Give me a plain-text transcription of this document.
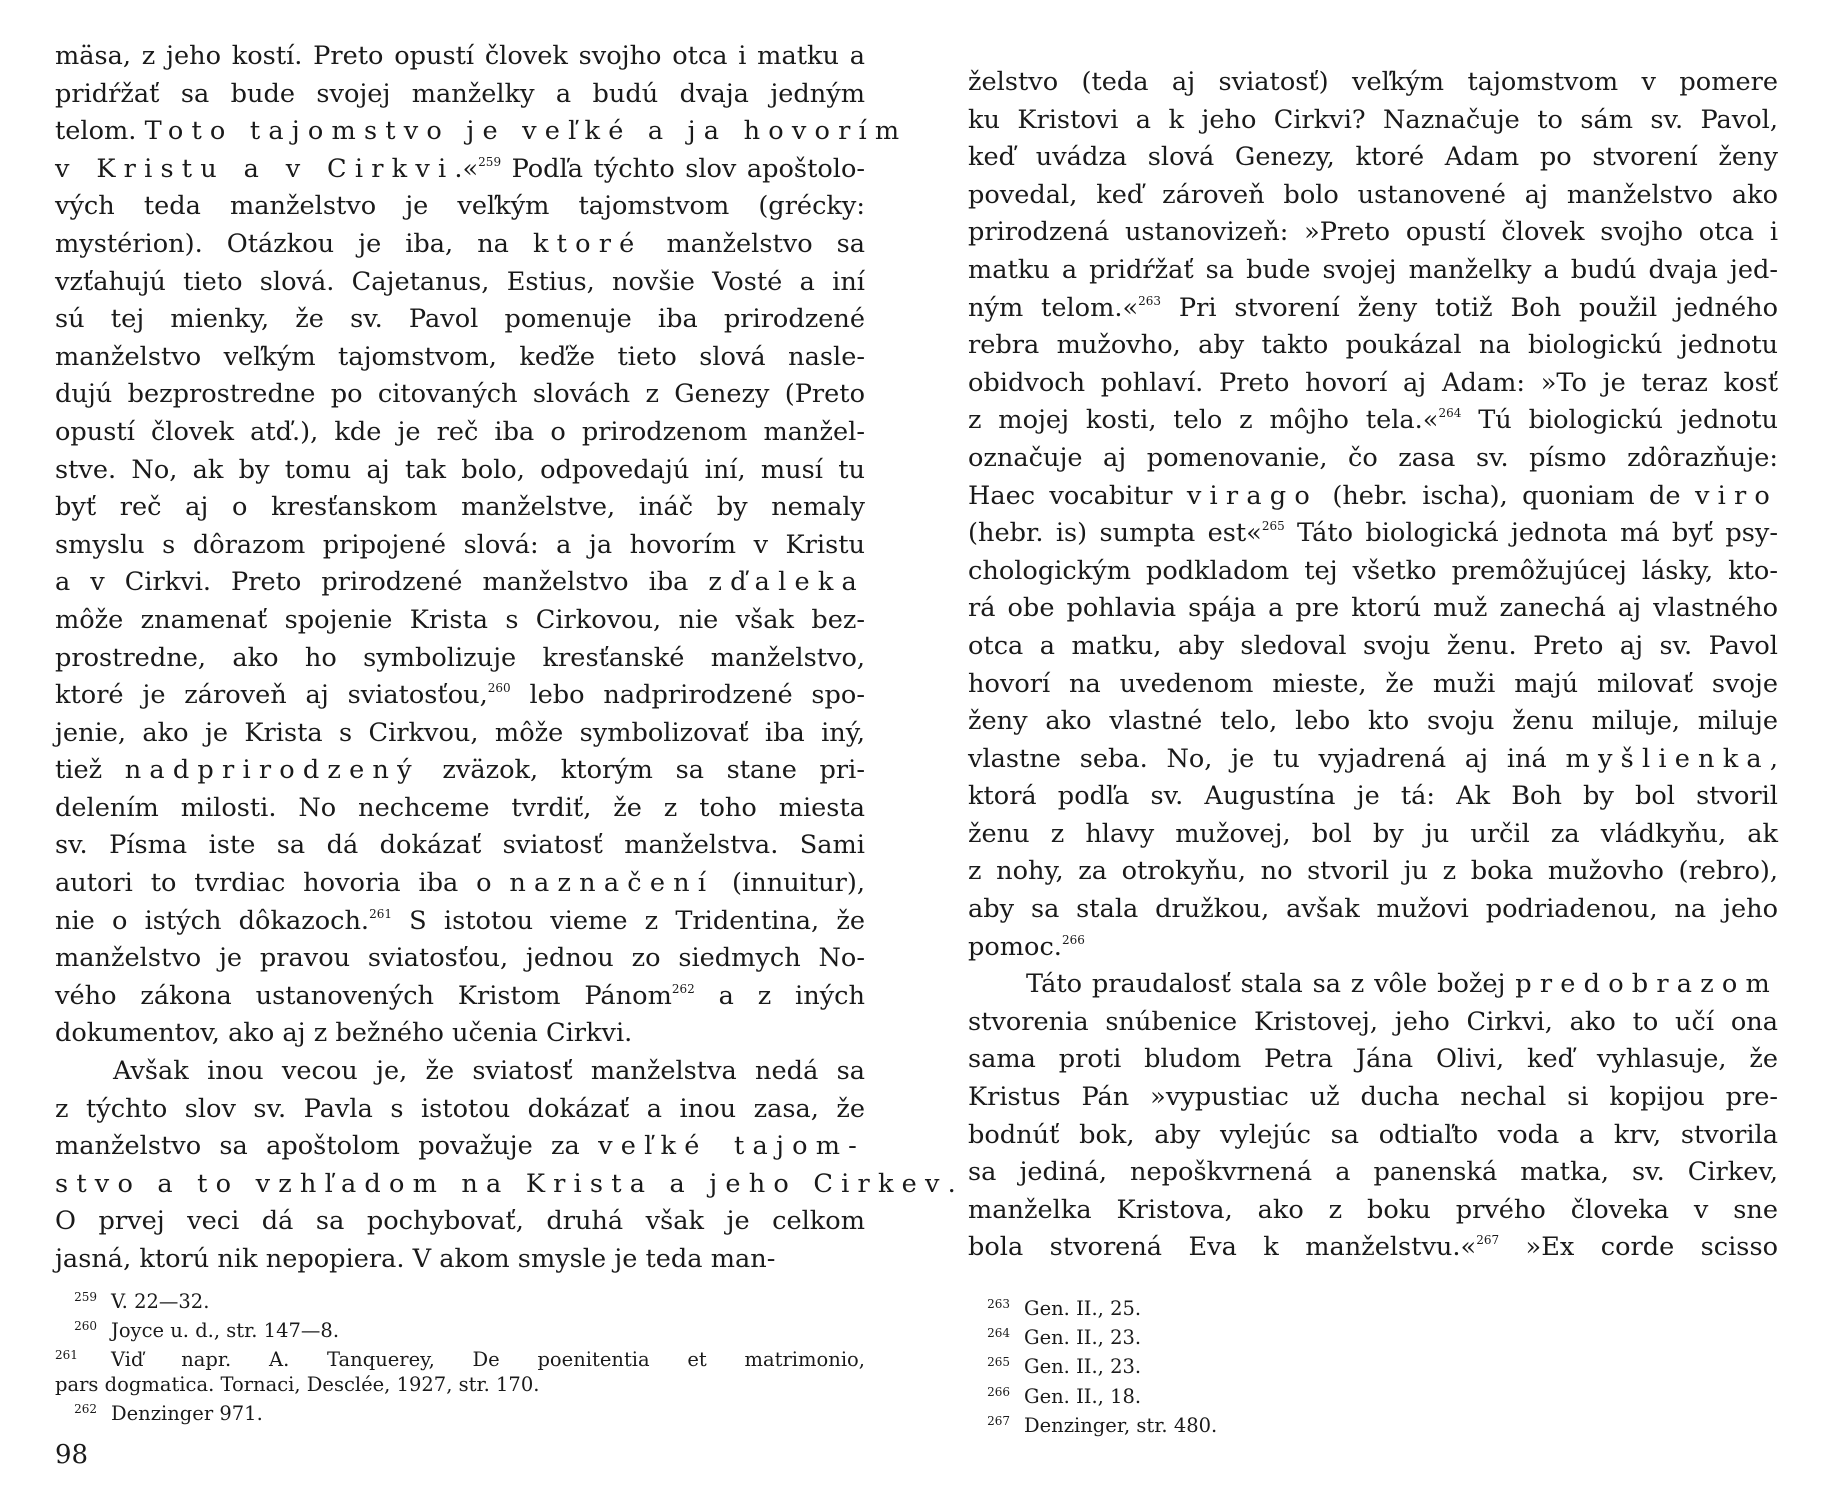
mäsa, z jeho kostí. Preto opustí človek svojho otca i matku a
pridŕžať sa bude svojej manželky a budú dvaja jedným
telom. Toto tajomstvo je veľké a ja hovorím
v Kristu a v Cirkvi.«$^{259}$ Podľa týchto slov apoštolo-
vých teda manželstvo je veľkým tajomstvom (grécky:
mystérion). Otázkou je iba, na ktoré manželstvo sa
vzťahujú tieto slová. Cajetanus, Estius, novšie Vosté a iní
sú tej mienky, že sv. Pavol pomenuje iba prirodzené
manželstvo veľkým tajomstvom, keďže tieto slová nasle-
dujú bezprostredne po citovaných slovách z Genezy (Preto
opustí človek atď.), kde je reč iba o prirodzenom manžel-
stve. No, ak by tomu aj tak bolo, odpovedajú iní, musí tu
byť reč aj o kresťanskom manželstve, ináč by nemaly
smyslu s dôrazom pripojené slová: a ja hovorím v Kristu
a v Cirkvi. Preto prirodzené manželstvo iba zďaleka
môže znamenať spojenie Krista s Cirkovou, nie však bez-
prostredne, ako ho symbolizuje kresťanské manželstvo,
ktoré je zároveň aj sviatosťou,$^{260}$ lebo nadprirodzené spo-
jenie, ako je Krista s Cirkvou, môže symbolizovať iba iný,
tiež nadprirodzený zväzok, ktorým sa stane pri-
delením milosti. No nechceme tvrdiť, že z toho miesta
sv. Písma iste sa dá dokázať sviatosť manželstva. Sami
autori to tvrdiac hovoria iba o naznačení (innuitur),
nie o istých dôkazoch.$^{261}$ S istotou vieme z Tridentina, že
manželstvo je pravou sviatosťou, jednou zo siedmych No-
vého zákona ustanovených Kristom Pánom$^{262}$ a z iných
dokumentov, ako aj z bežného učenia Cirkvi.
Avšak inou vecou je, že sviatosť manželstva nedá sa
z týchto slov sv. Pavla s istotou dokázať a inou zasa, že
manželstvo sa apoštolom považuje za veľké tajom-
stvo a to vzhľadom na Krista a jeho Cirkev.
O prvej veci dá sa pochybovať, druhá však je celkom
jasná, ktorú nik nepopiera. V akom smysle je teda man-
259 V. 22—32.
260 Joyce u. d., str. 147—8.
261 Viď napr. A. Tanquerey, De poenitentia et matrimonio,
pars dogmatica. Tornaci, Desclée, 1927, str. 170.
262 Denzinger 971.
98
želstvo (teda aj sviatosť) veľkým tajomstvom v pomere
ku Kristovi a k jeho Cirkvi? Naznačuje to sám sv. Pavol,
keď uvádza slová Genezy, ktoré Adam po stvorení ženy
povedal, keď zároveň bolo ustanovené aj manželstvo ako
prirodzená ustanovizeň: »Preto opustí človek svojho otca i
matku a pridŕžať sa bude svojej manželky a budú dvaja jed-
ným telom.«$^{263}$ Pri stvorení ženy totiž Boh použil jedného
rebra mužovho, aby takto poukázal na biologickú jednotu
obidvoch pohlaví. Preto hovorí aj Adam: »To je teraz kosť
z mojej kosti, telo z môjho tela.«$^{264}$ Tú biologickú jednotu
označuje aj pomenovanie, čo zasa sv. písmo zdôrazňuje:
Haec vocabitur virago (hebr. ischa), quoniam de viro
(hebr. is) sumpta est«$^{265}$ Táto biologická jednota má byť psy-
chologickým podkladom tej všetko premôžujúcej lásky, kto-
rá obe pohlavia spája a pre ktorú muž zanechá aj vlastného
otca a matku, aby sledoval svoju ženu. Preto aj sv. Pavol
hovorí na uvedenom mieste, že muži majú milovať svoje
ženy ako vlastné telo, lebo kto svoju ženu miluje, miluje
vlastne seba. No, je tu vyjadrená aj iná myšlienka,
ktorá podľa sv. Augustína je tá: Ak Boh by bol stvoril
ženu z hlavy mužovej, bol by ju určil za vládkyňu, ak
z nohy, za otrokyňu, no stvoril ju z boka mužovho (rebro),
aby sa stala družkou, avšak mužovi podriadenou, na jeho
pomoc.$^{266}$
Táto praudalosť stala sa z vôle božej predobrazom
stvorenia snúbenice Kristovej, jeho Cirkvi, ako to učí ona
sama proti bludom Petra Jána Olivi, keď vyhlasuje, že
Kristus Pán »vypustiac už ducha nechal si kopijou pre-
bodnúť bok, aby vylejúc sa odtiaľto voda a krv, stvorila
sa jediná, nepoškvrnená a panenská matka, sv. Cirkev,
manželka Kristova, ako z boku prvého človeka v sne
bola stvorená Eva k manželstvu.«$^{267}$ »Ex corde scisso
263 Gen. II., 25.
264 Gen. II., 23.
265 Gen. II., 23.
266 Gen. II., 18.
267 Denzinger, str. 480.
